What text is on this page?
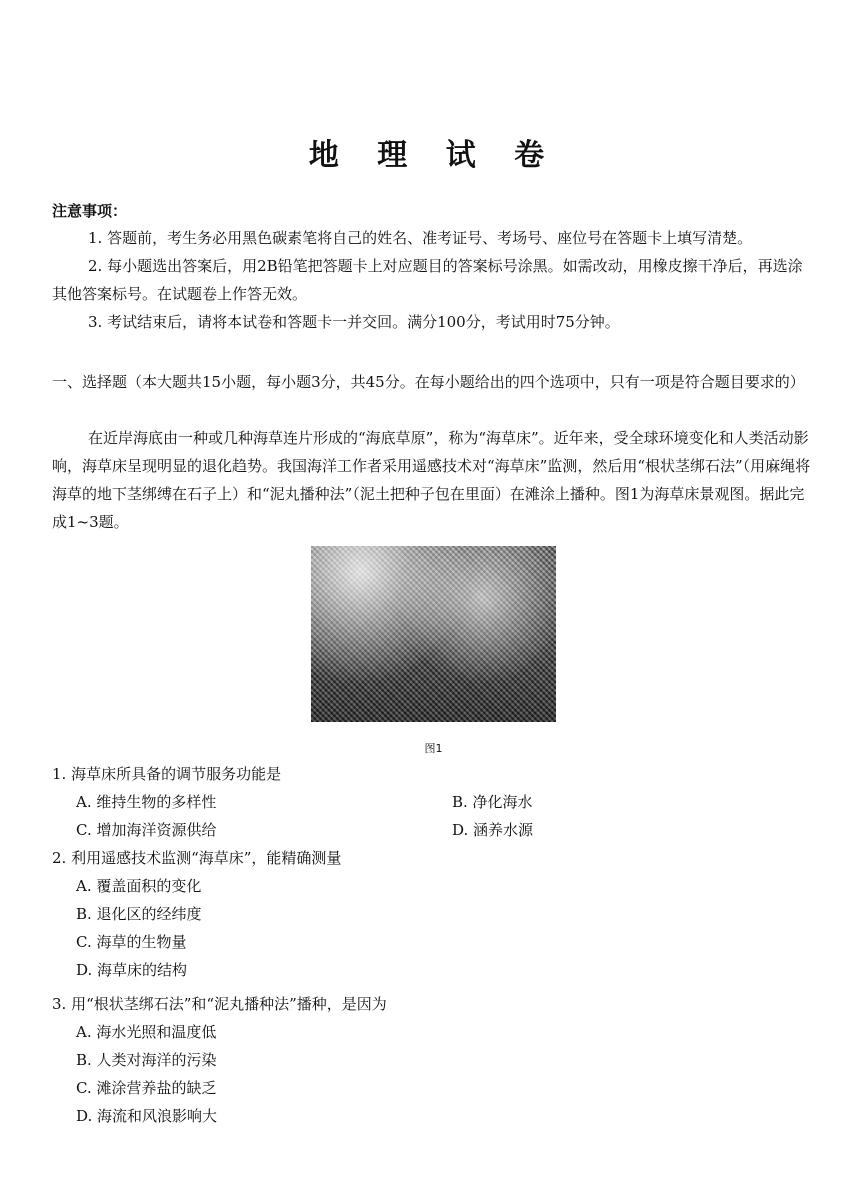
地 理 试 卷
注意事项：

1. 答题前，考生务必用黑色碳素笔将自己的姓名、准考证号、考场号、座位号在答题卡上填写清楚。

2. 每小题选出答案后，用2B铅笔把答题卡上对应题目的答案标号涂黑。如需改动，用橡皮擦干净后，再选涂其他答案标号。在试题卷上作答无效。

3. 考试结束后，请将本试卷和答题卡一并交回。满分100分，考试用时75分钟。

一、选择题（本大题共15小题，每小题3分，共45分。在每小题给出的四个选项中，只有一项是符合题目要求的）

在近岸海底由一种或几种海草连片形成的“海底草原”，称为“海草床”。近年来，受全球环境变化和人类活动影响，海草床呈现明显的退化趋势。我国海洋工作者采用遥感技术对“海草床”监测，然后用“根状茎绑石法”（用麻绳将海草的地下茎绑缚在石子上）和“泥丸播种法”（泥土把种子包在里面）在滩涂上播种。图1为海草床景观图。据此完成1~3题。

图1
1. 海草床所具备的调节服务功能是
A. 维持生物的多样性	B. 净化海水
C. 增加海洋资源供给	D. 涵养水源
2. 利用遥感技术监测“海草床”，能精确测量
A. 覆盖面积的变化
B. 退化区的经纬度
C. 海草的生物量
D. 海草床的结构
3. 用“根状茎绑石法”和“泥丸播种法”播种，是因为
A. 海水光照和温度低
B. 人类对海洋的污染
C. 滩涂营养盐的缺乏
D. 海流和风浪影响大
